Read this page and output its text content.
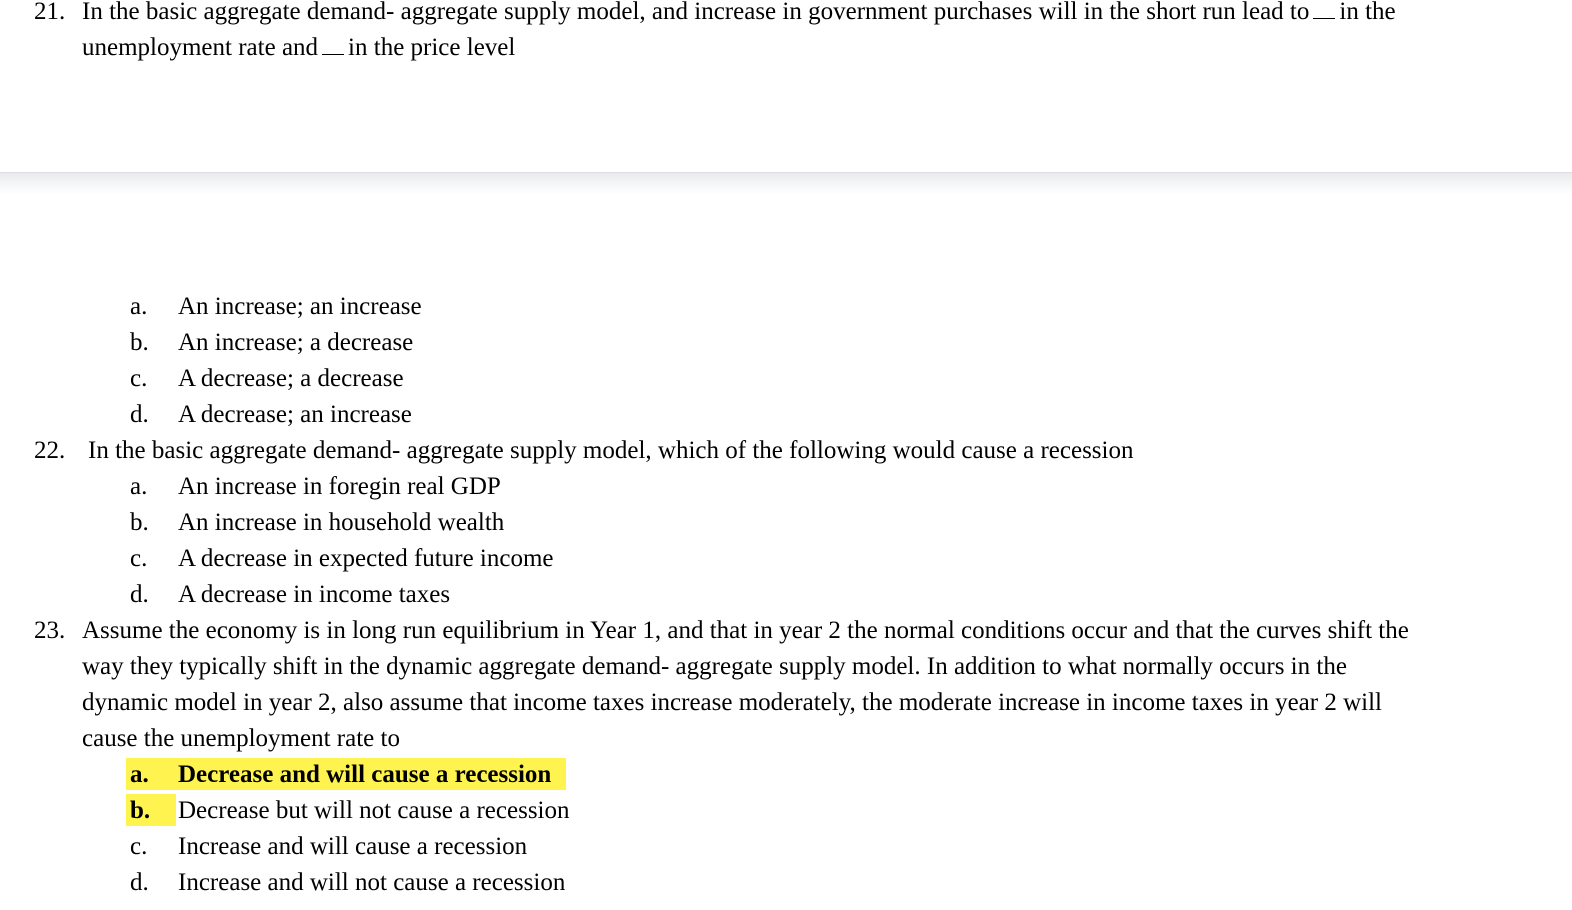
21. In the basic aggregate demand- aggregate supply model, and increase in government purchases will in the short run lead to in the
unemployment rate and in the price level
a. An increase; an increase
b. An increase; a decrease
c. A decrease; a decrease
d. A decrease; an increase
22. In the basic aggregate demand- aggregate supply model, which of the following would cause a recession
a. An increase in foregin real GDP
b. An increase in household wealth
c. A decrease in expected future income
d. A decrease in income taxes
23. Assume the economy is in long run equilibrium in Year 1, and that in year 2 the normal conditions occur and that the curves shift the
way they typically shift in the dynamic aggregate demand- aggregate supply model. In addition to what normally occurs in the
dynamic model in year 2, also assume that income taxes increase moderately, the moderate increase in income taxes in year 2 will
cause the unemployment rate to
a. Decrease and will cause a recession
b. Decrease but will not cause a recession
c. Increase and will cause a recession
d. Increase and will not cause a recession
